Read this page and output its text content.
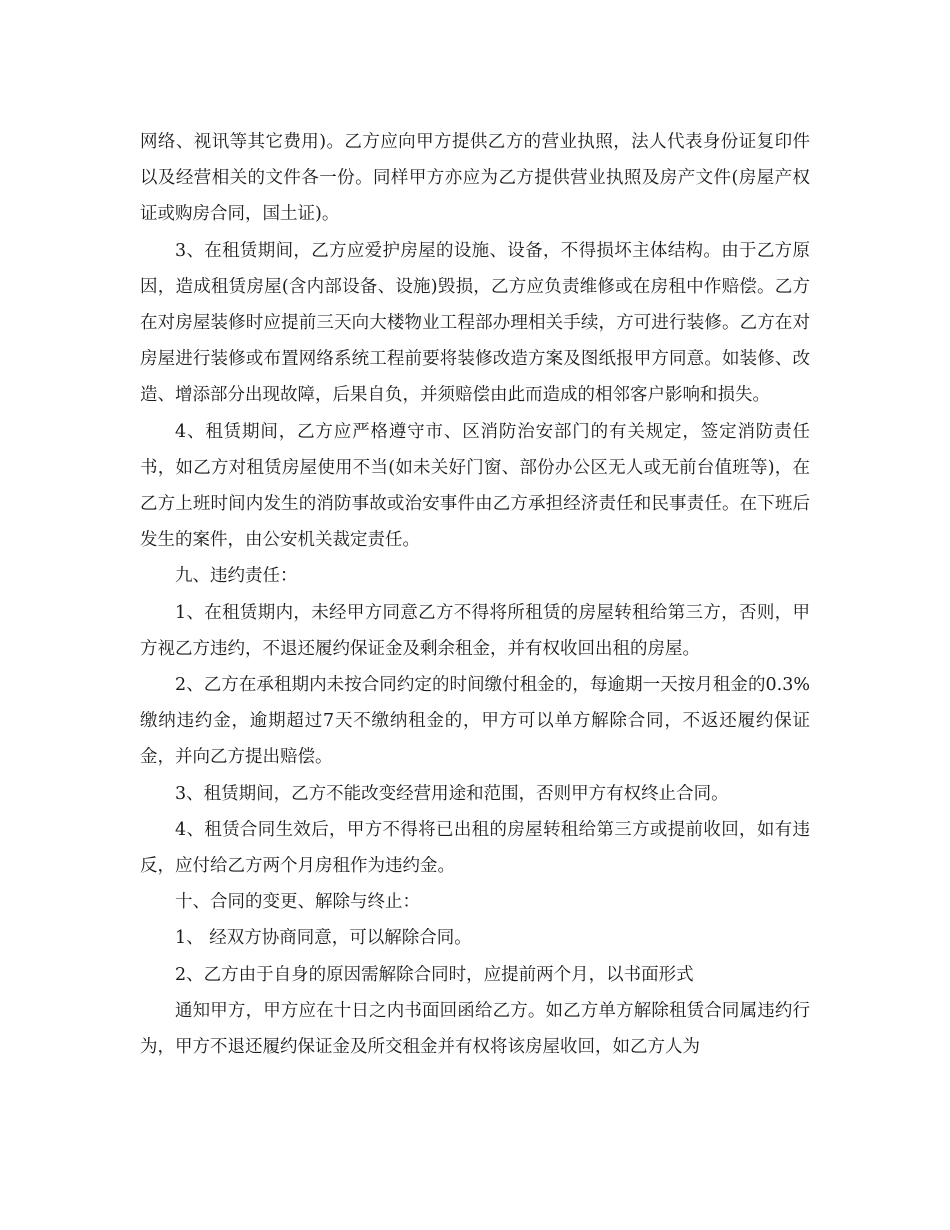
网络、视讯等其它费用)。乙方应向甲方提供乙方的营业执照，法人代表身份证复印件以及经营相关的文件各一份。同样甲方亦应为乙方提供营业执照及房产文件(房屋产权证或购房合同，国土证)。

3、在租赁期间，乙方应爱护房屋的设施、设备，不得损坏主体结构。由于乙方原因，造成租赁房屋(含内部设备、设施)毁损，乙方应负责维修或在房租中作赔偿。乙方在对房屋装修时应提前三天向大楼物业工程部办理相关手续，方可进行装修。乙方在对房屋进行装修或布置网络系统工程前要将装修改造方案及图纸报甲方同意。如装修、改造、增添部分出现故障，后果自负，并须赔偿由此而造成的相邻客户影响和损失。

4、租赁期间，乙方应严格遵守市、区消防治安部门的有关规定，签定消防责任书，如乙方对租赁房屋使用不当(如未关好门窗、部份办公区无人或无前台值班等)，在乙方上班时间内发生的消防事故或治安事件由乙方承担经济责任和民事责任。在下班后发生的案件，由公安机关裁定责任。

九、违约责任：

1、在租赁期内，未经甲方同意乙方不得将所租赁的房屋转租给第三方，否则，甲方视乙方违约，不退还履约保证金及剩余租金，并有权收回出租的房屋。

2、乙方在承租期内未按合同约定的时间缴付租金的，每逾期一天按月租金的0.3%缴纳违约金，逾期超过7天不缴纳租金的，甲方可以单方解除合同，不返还履约保证金，并向乙方提出赔偿。

3、租赁期间，乙方不能改变经营用途和范围，否则甲方有权终止合同。

4、租赁合同生效后，甲方不得将已出租的房屋转租给第三方或提前收回，如有违反，应付给乙方两个月房租作为违约金。

十、合同的变更、解除与终止：

1、 经双方协商同意，可以解除合同。

2、乙方由于自身的原因需解除合同时，应提前两个月，以书面形式

通知甲方，甲方应在十日之内书面回函给乙方。如乙方单方解除租赁合同属违约行为，甲方不退还履约保证金及所交租金并有权将该房屋收回，如乙方人为
